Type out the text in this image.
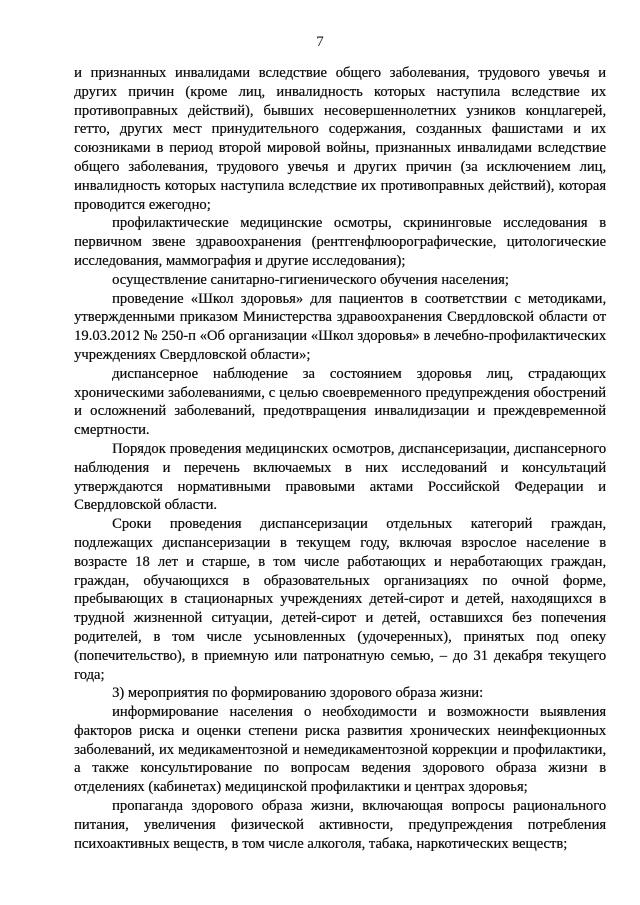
7

и признанных инвалидами вследствие общего заболевания, трудового увечья и других причин (кроме лиц, инвалидность которых наступила вследствие их противоправных действий), бывших несовершеннолетних узников концлагерей, гетто, других мест принудительного содержания, созданных фашистами и их союзниками в период второй мировой войны, признанных инвалидами вследствие общего заболевания, трудового увечья и других причин (за исключением лиц, инвалидность которых наступила вследствие их противоправных действий), которая проводится ежегодно;

профилактические медицинские осмотры, скрининговые исследования в первичном звене здравоохранения (рентгенфлюорографические, цитологические исследования, маммография и другие исследования);

осуществление санитарно-гигиенического обучения населения;

проведение «Школ здоровья» для пациентов в соответствии с методиками, утвержденными приказом Министерства здравоохранения Свердловской области от 19.03.2012 № 250-п «Об организации «Школ здоровья» в лечебно-профилактических учреждениях Свердловской области»;

диспансерное наблюдение за состоянием здоровья лиц, страдающих хроническими заболеваниями, с целью своевременного предупреждения обострений и осложнений заболеваний, предотвращения инвалидизации и преждевременной смертности.

Порядок проведения медицинских осмотров, диспансеризации, диспансерного наблюдения и перечень включаемых в них исследований и консультаций утверждаются нормативными правовыми актами Российской Федерации и Свердловской области.

Сроки проведения диспансеризации отдельных категорий граждан, подлежащих диспансеризации в текущем году, включая взрослое население в возрасте 18 лет и старше, в том числе работающих и неработающих граждан, граждан, обучающихся в образовательных организациях по очной форме, пребывающих в стационарных учреждениях детей-сирот и детей, находящихся в трудной жизненной ситуации, детей-сирот и детей, оставшихся без попечения родителей, в том числе усыновленных (удочеренных), принятых под опеку (попечительство), в приемную или патронатную семью, – до 31 декабря текущего года;

3) мероприятия по формированию здорового образа жизни:

информирование населения о необходимости и возможности выявления факторов риска и оценки степени риска развития хронических неинфекционных заболеваний, их медикаментозной и немедикаментозной коррекции и профилактики, а также консультирование по вопросам ведения здорового образа жизни в отделениях (кабинетах) медицинской профилактики и центрах здоровья;

пропаганда здорового образа жизни, включающая вопросы рационального питания, увеличения физической активности, предупреждения потребления психоактивных веществ, в том числе алкоголя, табака, наркотических веществ;
